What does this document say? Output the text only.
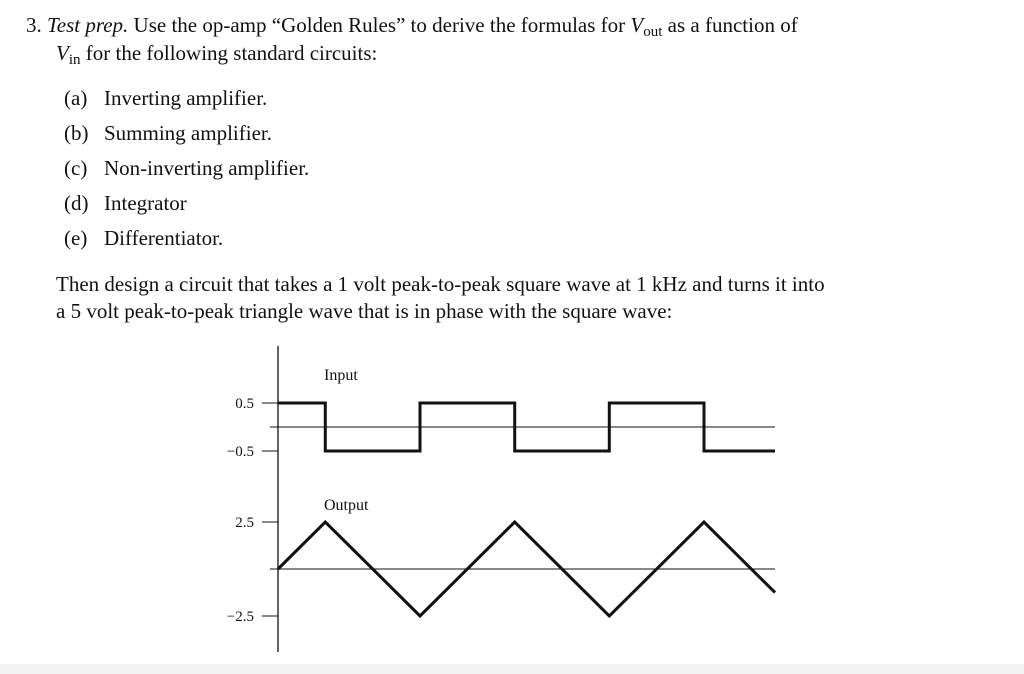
3. Test prep. Use the op-amp “Golden Rules” to derive the formulas for $V_{out}$ as a function of
$V_{in}$ for the following standard circuits:
(a) Inverting amplifier.
(b) Summing amplifier.
(c) Non-inverting amplifier.
(d) Integrator
(e) Differentiator.
Then design a circuit that takes a 1 volt peak-to-peak square wave at 1 kHz and turns it into
a 5 volt peak-to-peak triangle wave that is in phase with the square wave:
0.5
−0.5
Input
2.5
−2.5
Output
